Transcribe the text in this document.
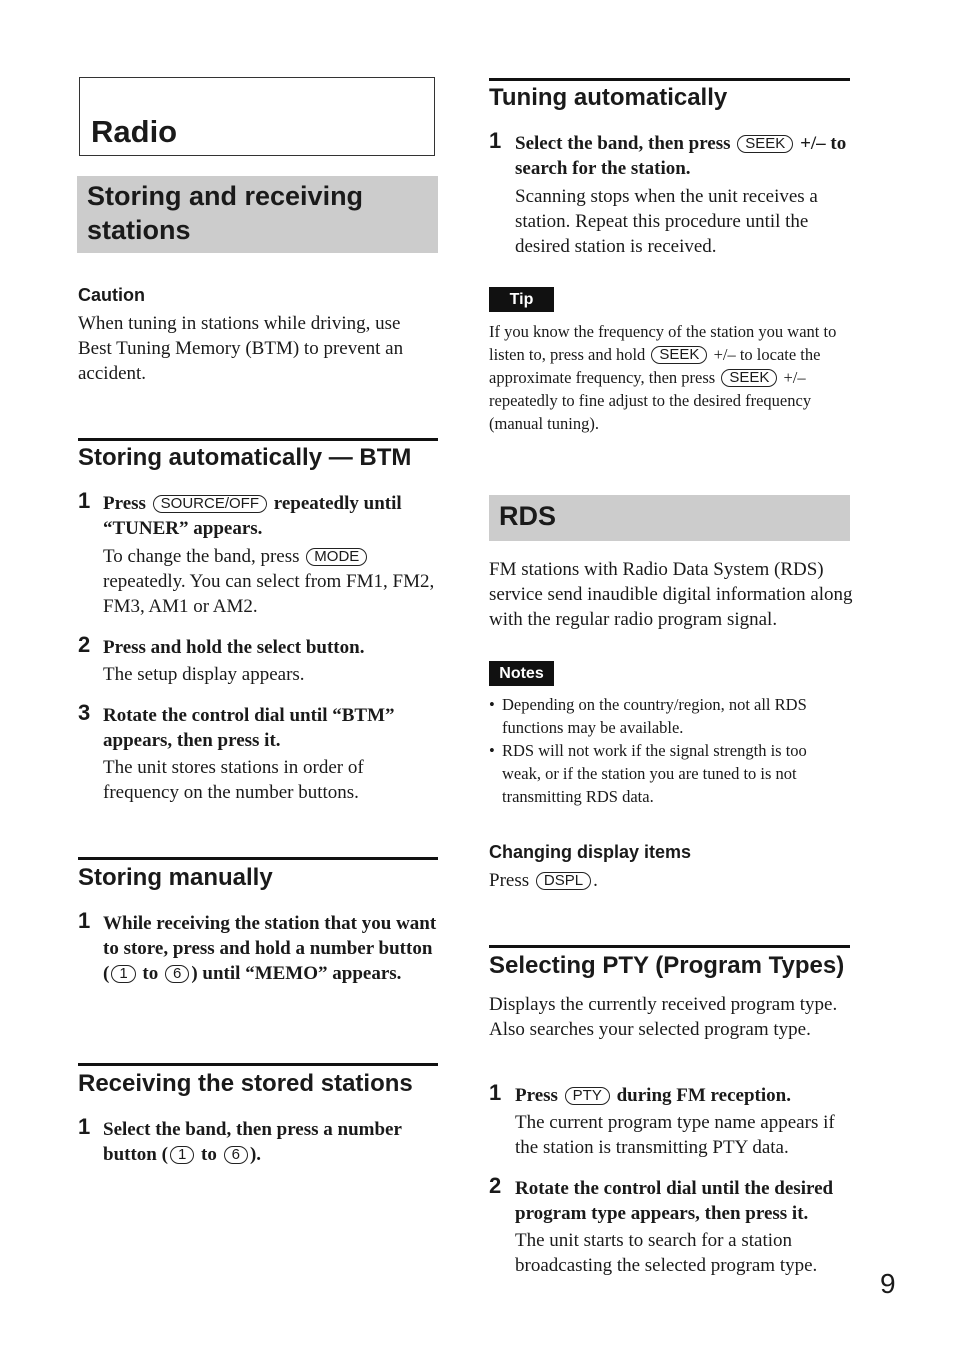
Radio
Storing and receiving stations
Caution
When tuning in stations while driving, use Best Tuning Memory (BTM) to prevent an accident.
Storing automatically — BTM
1 Press SOURCE/OFF repeatedly until “TUNER” appears.
To change the band, press MODE repeatedly. You can select from FM1, FM2, FM3, AM1 or AM2.
2 Press and hold the select button.
The setup display appears.
3 Rotate the control dial until “BTM” appears, then press it.
The unit stores stations in order of frequency on the number buttons.
Storing manually
1 While receiving the station that you want to store, press and hold a number button ( 1 to 6 ) until “MEMO” appears.
Receiving the stored stations
1 Select the band, then press a number button ( 1 to 6 ).
Tuning automatically
1 Select the band, then press SEEK +/– to search for the station.
Scanning stops when the unit receives a station. Repeat this procedure until the desired station is received.
Tip
If you know the frequency of the station you want to listen to, press and hold SEEK +/– to locate the approximate frequency, then press SEEK +/– repeatedly to fine adjust to the desired frequency (manual tuning).
RDS
FM stations with Radio Data System (RDS) service send inaudible digital information along with the regular radio program signal.
Notes
• Depending on the country/region, not all RDS functions may be available.
• RDS will not work if the signal strength is too weak, or if the station you are tuned to is not transmitting RDS data.
Changing display items
Press DSPL .
Selecting PTY (Program Types)
Displays the currently received program type. Also searches your selected program type.
1 Press PTY during FM reception.
The current program type name appears if the station is transmitting PTY data.
2 Rotate the control dial until the desired program type appears, then press it.
The unit starts to search for a station broadcasting the selected program type.
9
